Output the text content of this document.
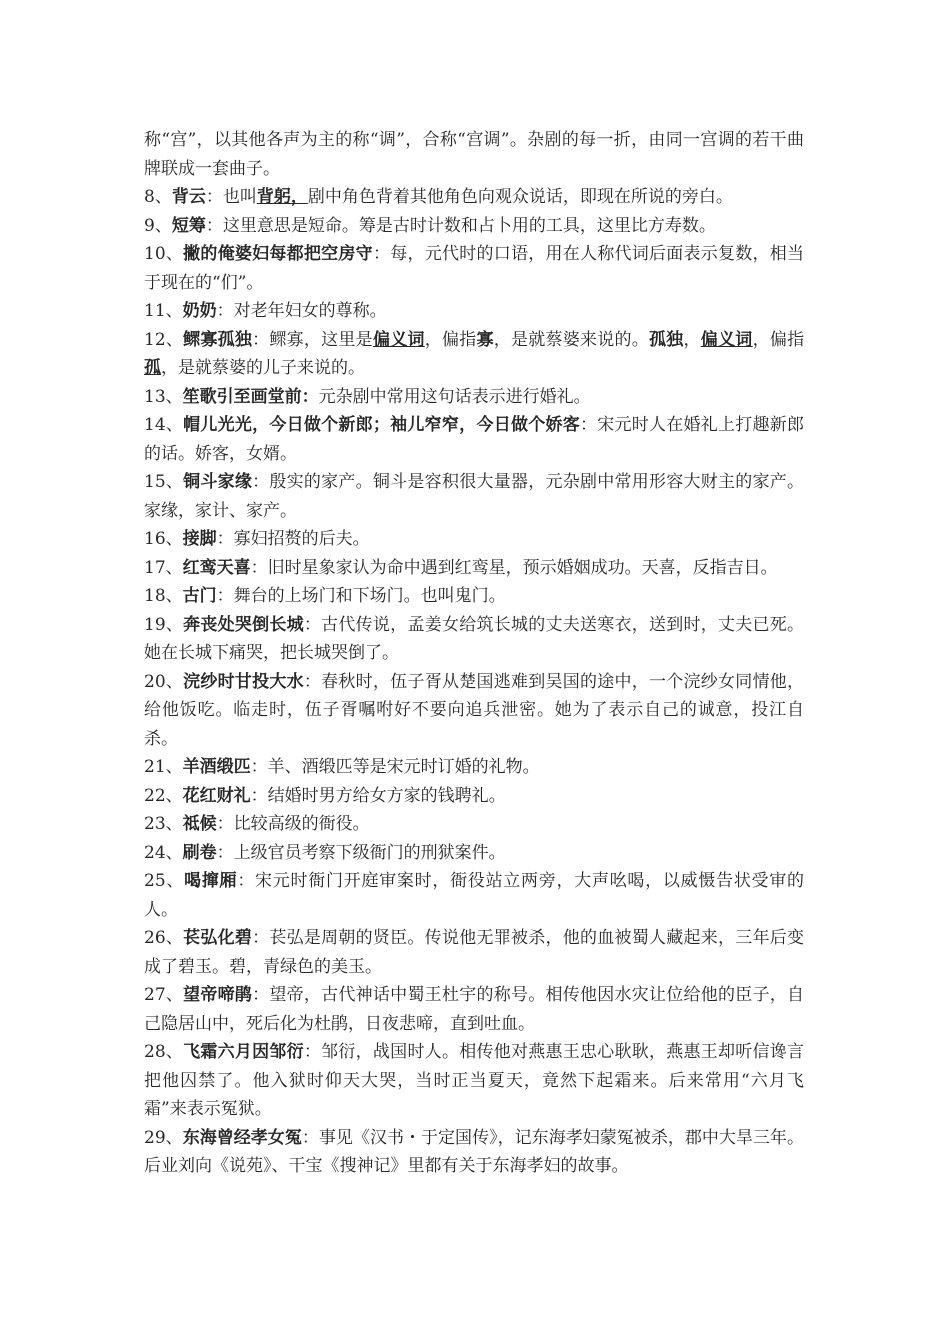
称“宫”，以其他各声为主的称“调”，合称“宫调”。杂剧的每一折，由同一宫调的若干曲牌联成一套曲子。

8、背云：也叫背躬，剧中角色背着其他角色向观众说话，即现在所说的旁白。

9、短筹：这里意思是短命。筹是古时计数和占卜用的工具，这里比方寿数。

10、撇的俺婆妇每都把空房守：每，元代时的口语，用在人称代词后面表示复数，相当于现在的“们”。

11、奶奶：对老年妇女的尊称。

12、鳏寡孤独：鳏寡，这里是偏义词，偏指寡，是就蔡婆来说的。孤独，偏义词，偏指孤，是就蔡婆的儿子来说的。

13、笙歌引至画堂前：元杂剧中常用这句话表示进行婚礼。

14、帽儿光光，今日做个新郎；袖儿窄窄，今日做个娇客：宋元时人在婚礼上打趣新郎的话。娇客，女婿。

15、铜斗家缘：殷实的家产。铜斗是容积很大量器，元杂剧中常用形容大财主的家产。家缘，家计、家产。

16、接脚：寡妇招赘的后夫。

17、红鸾天喜：旧时星象家认为命中遇到红鸾星，预示婚姻成功。天喜，反指吉日。

18、古门：舞台的上场门和下场门。也叫鬼门。

19、奔丧处哭倒长城：古代传说，孟姜女给筑长城的丈夫送寒衣，送到时，丈夫已死。她在长城下痛哭，把长城哭倒了。

20、浣纱时甘投大水：春秋时，伍子胥从楚国逃难到吴国的途中，一个浣纱女同情他，给他饭吃。临走时，伍子胥嘱咐好不要向追兵泄密。她为了表示自己的诚意，投江自杀。

21、羊酒缎匹：羊、酒缎匹等是宋元时订婚的礼物。

22、花红财礼：结婚时男方给女方家的钱聘礼。

23、祗候：比较高级的衙役。

24、刷卷：上级官员考察下级衙门的刑狱案件。

25、喝撺厢：宋元时衙门开庭审案时，衙役站立两旁，大声吆喝，以威慑告状受审的人。

26、苌弘化碧：苌弘是周朝的贤臣。传说他无罪被杀，他的血被蜀人藏起来，三年后变成了碧玉。碧，青绿色的美玉。

27、望帝啼鹃：望帝，古代神话中蜀王杜宇的称号。相传他因水灾让位给他的臣子，自己隐居山中，死后化为杜鹃，日夜悲啼，直到吐血。

28、飞霜六月因邹衍：邹衍，战国时人。相传他对燕惠王忠心耿耿，燕惠王却听信谗言把他囚禁了。他入狱时仰天大哭，当时正当夏天，竟然下起霜来。后来常用“六月飞霜”来表示冤狱。

29、东海曾经孝女冤：事见《汉书・于定国传》，记东海孝妇蒙冤被杀，郡中大旱三年。后业刘向《说苑》、干宝《搜神记》里都有关于东海孝妇的故事。
